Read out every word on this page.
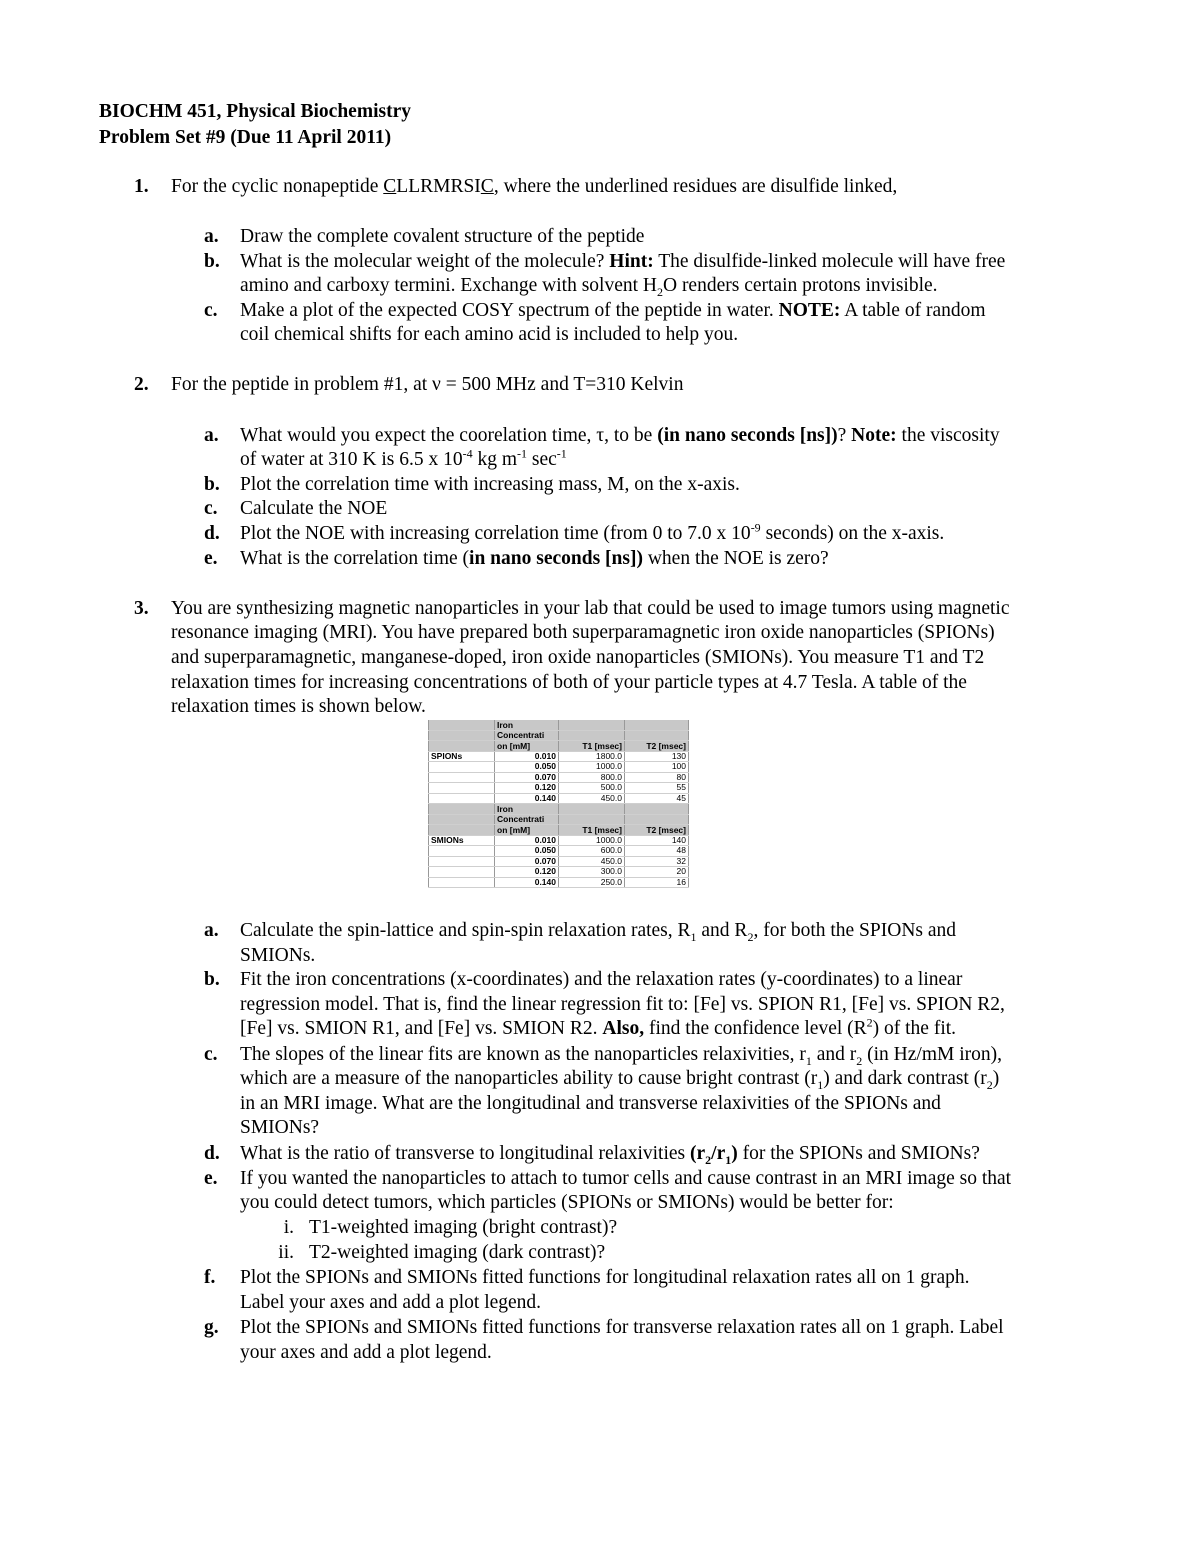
BIOCHM 451, Physical Biochemistry
Problem Set #9 (Due 11 April 2011)
1. For the cyclic nonapeptide CLLRMRSIC, where the underlined residues are disulfide linked,
a. Draw the complete covalent structure of the peptide
b. What is the molecular weight of the molecule? Hint: The disulfide-linked molecule will have free
amino and carboxy termini. Exchange with solvent $H_2O$ renders certain protons invisible.
c. Make a plot of the expected COSY spectrum of the peptide in water. NOTE: A table of random
coil chemical shifts for each amino acid is included to help you.
2. For the peptide in problem #1, at ν = 500 MHz and T=310 Kelvin
a. What would you expect the coorelation time, τ, to be (in nano seconds [ns])? Note: the viscosity
of water at 310 K is 6.5 x $10^{-4}$ kg $m^{-1}$ $\sec^{-1}$
b. Plot the correlation time with increasing mass, M, on the x-axis.
c. Calculate the NOE
d. Plot the NOE with increasing correlation time (from 0 to 7.0 x $10^{-9}$ seconds) on the x-axis.
e. What is the correlation time (in nano seconds [ns]) when the NOE is zero?
3. You are synthesizing magnetic nanoparticles in your lab that could be used to image tumors using magnetic
resonance imaging (MRI). You have prepared both superparamagnetic iron oxide nanoparticles (SPIONs)
and superparamagnetic, manganese-doped, iron oxide nanoparticles (SMIONs). You measure T1 and T2
relaxation times for increasing concentrations of both of your particle types at 4.7 Tesla. A table of the
relaxation times is shown below.
	Iron		
	Concentrati		
	on [mM]	T1 [msec]	T2 [msec]
SPIONs	0.010	1800.0	130
	0.050	1000.0	100
	0.070	800.0	80
	0.120	500.0	55
	0.140	450.0	45
	Iron		
	Concentrati		
	on [mM]	T1 [msec]	T2 [msec]
SMIONs	0.010	1000.0	140
	0.050	600.0	48
	0.070	450.0	32
	0.120	300.0	20
	0.140	250.0	16
a. Calculate the spin-lattice and spin-spin relaxation rates, $R_1$ and $R_2$, for both the SPIONs and
SMIONs.
b. Fit the iron concentrations (x-coordinates) and the relaxation rates (y-coordinates) to a linear
regression model. That is, find the linear regression fit to: [Fe] vs. SPION R1, [Fe] vs. SPION R2,
[Fe] vs. SMION R1, and [Fe] vs. SMION R2. Also, find the confidence level $(R^2)$ of the fit.
c. The slopes of the linear fits are known as the nanoparticles relaxivities, $r_1$ and $r_2$ (in Hz/mM iron),
which are a measure of the nanoparticles ability to cause bright contrast $(r_1)$ and dark contrast $(r_2)$
in an MRI image. What are the longitudinal and transverse relaxivities of the SPIONs and
SMIONs?
d. What is the ratio of transverse to longitudinal relaxivities $(r_2/r_1)$ for the SPIONs and SMIONs?
e. If you wanted the nanoparticles to attach to tumor cells and cause contrast in an MRI image so that
you could detect tumors, which particles (SPIONs or SMIONs) would be better for:
i. T1-weighted imaging (bright contrast)?
ii. T2-weighted imaging (dark contrast)?
f. Plot the SPIONs and SMIONs fitted functions for longitudinal relaxation rates all on 1 graph.
Label your axes and add a plot legend.
g. Plot the SPIONs and SMIONs fitted functions for transverse relaxation rates all on 1 graph. Label
your axes and add a plot legend.
